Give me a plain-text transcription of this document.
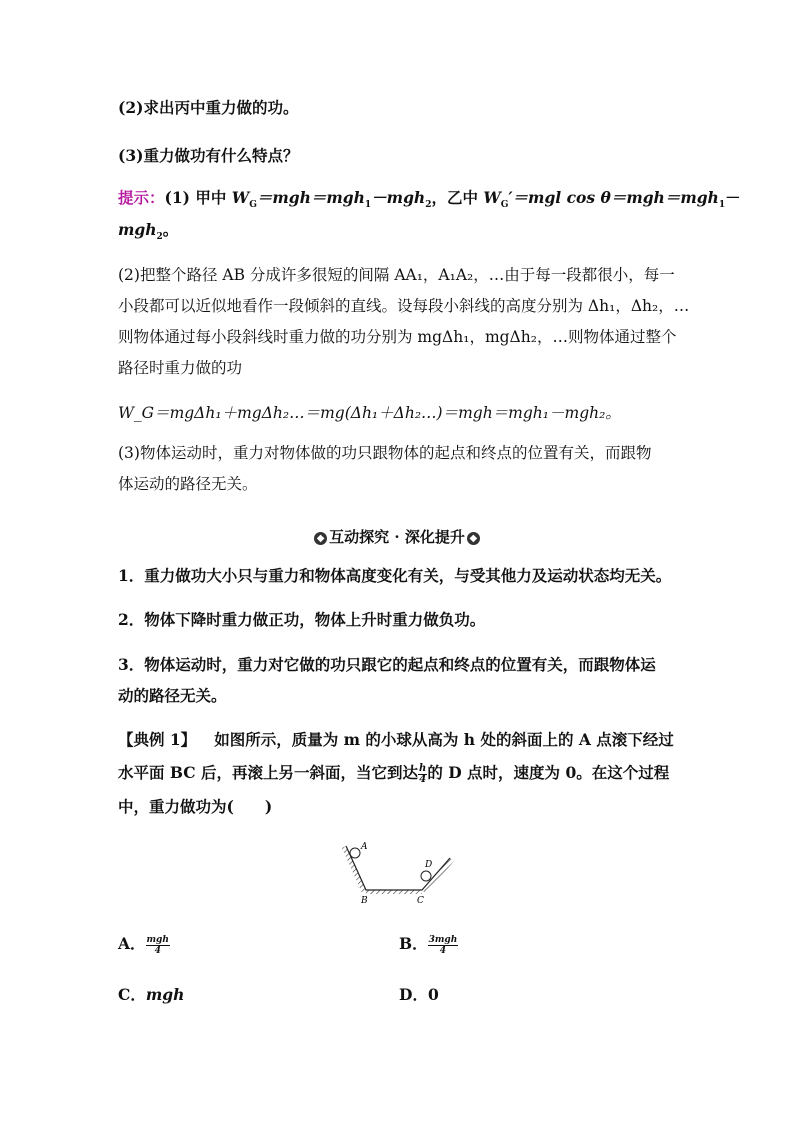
(2)求出丙中重力做的功。
(3)重力做功有什么特点？
提示：(1) 甲中 $W_G=mgh=mgh_1-mgh_2$，乙中 $W_G'=mgl$ cos θ＝mgh＝mgh$_1$－
mgh$_2$。
(2)把整个路径 AB 分成许多很短的间隔 AA₁，A₁A₂，…由于每一段都很小，每一
小段都可以近似地看作一段倾斜的直线。设每段小斜线的高度分别为 Δh₁，Δh₂，…
则物体通过每小段斜线时重力做的功分别为 mgΔh₁，mgΔh₂，…则物体通过整个
路径时重力做的功
W_G＝mgΔh₁＋mgΔh₂…＝mg(Δh₁＋Δh₂…)＝mgh＝mgh₁－mgh₂。
(3)物体运动时，重力对物体做的功只跟物体的起点和终点的位置有关，而跟物
体运动的路径无关。
◆ 互动探究 · 深化提升 ◆
1．重力做功大小只与重力和物体高度变化有关，与受其他力及运动状态均无关。
2．物体下降时重力做正功，物体上升时重力做负功。
3．物体运动时，重力对它做的功只跟它的起点和终点的位置有关，而跟物体运
动的路径无关。
【典例 1】 如图所示，质量为 m 的小球从高为 h 处的斜面上的 A 点滚下经过
水平面 BC 后，再滚上另一斜面，当它到达 $\frac{h}{4}$ 的 D 点时，速度为 0。在这个过程
中，重力做功为(　　)
A
B	C
D
A． $\frac{\text{mgh}}{4}$	B． $\frac{\text{3mgh}}{4}$
C．mgh	D．0
